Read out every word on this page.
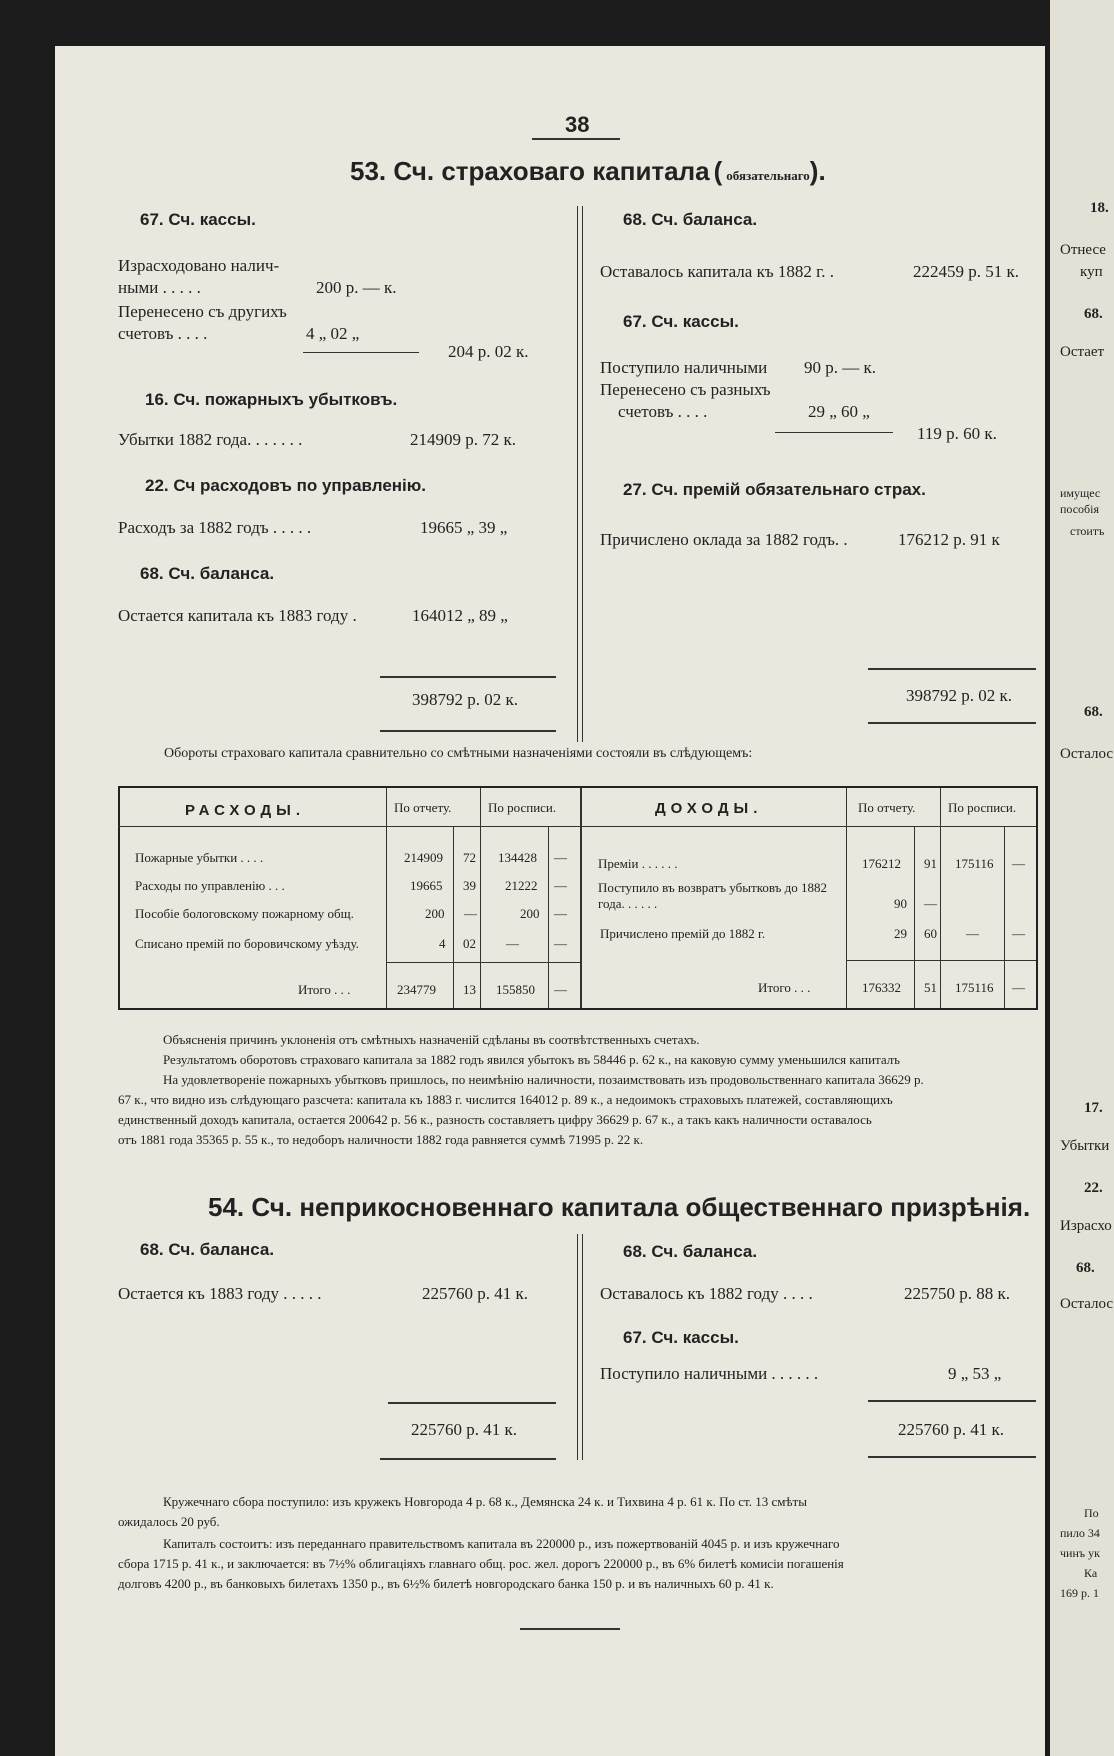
38
53. Сч. страховаго капитала ( обязательнаго).
67. Сч. кассы.
Израсходовано налич-
ными . . . . .	200 р. — к.
Перенесено съ другихъ
счетовъ . . . .	4 „ 02 „
204 р. 02 к.
16. Сч. пожарныхъ убытковъ.
Убытки 1882 года. . . . . . .	214909 р. 72 к.
22. Сч расходовъ по управленію.
Расходъ за 1882 годъ . . . . .	19665 „ 39 „
68. Сч. баланса.
Остается капитала къ 1883 году .	164012 „ 89 „
398792 р. 02 к.
68. Сч. баланса.
Оставалось капитала къ 1882 г. .	222459 р. 51 к.
67. Сч. кассы.
Поступило наличными 90 р. — к.
Перенесено съ разныхъ
счетовъ . . . .	29 „ 60 „
119 р. 60 к.
27. Сч. премій обязательнаго страх.
Причислено оклада за 1882 годъ. .	176212 р. 91 к
398792 р. 02 к.
Обороты страховаго капитала сравнительно со смѣтными назначеніями состояли въ слѣдующемъ:
РАСХОДЫ.	По отчету.	По росписи.	ДОХОДЫ.	По отчету.	По росписи.
Пожарные убытки . . . .	214909 72 134428 —
Расходы по управленію . . .	19665 39 21222 —
Пособіе бологовскому пожарному общ.	200 —	200 —
Списано премій по боровичскому уѣзду.	4 02 —	—
Итого . . .	234779 13 155850 —
Преміи . . . . . .	176212 91 175116 —
Поступило въ возвратъ убытковъ до 1882 года. . . . . .	90 —
Причислено премій до 1882 г.	29 60 —	—
Итого . . .	176332 51 175116 —
Объясненія причинъ уклоненія отъ смѣтныхъ назначеній сдѣланы въ соотвѣтственныхъ счетахъ.
Результатомъ оборотовъ страховаго капитала за 1882 годъ явился убытокъ въ 58446 р. 62 к., на каковую сумму уменьшился капиталъ
На удовлетвореніе пожарныхъ убытковъ пришлось, по неимѣнію наличности, позаимствовать изъ продовольственнаго капитала 36629 р.
67 к., что видно изъ слѣдующаго разсчета: капитала къ 1883 г. числится 164012 р. 89 к., а недоимокъ страховыхъ платежей, составляющихъ
единственный доходъ капитала, остается 200642 р. 56 к., разность составляетъ цифру 36629 р. 67 к., а такъ какъ наличности оставалось
отъ 1881 года 35365 р. 55 к., то недоборъ наличности 1882 года равняется суммѣ 71995 р. 22 к.
54. Сч. неприкосновеннаго капитала общественнаго призрѣнія.
68. Сч. баланса.
Остается къ 1883 году . . . . .	225760 р. 41 к.
225760 р. 41 к.
68. Сч. баланса.
Оставалось къ 1882 году . . . .	225750 р. 88 к.
67. Сч. кассы.
Поступило наличными . . . . . .	9 „ 53 „
225760 р. 41 к.
Кружечнаго сбора поступило: изъ кружекъ Новгорода 4 р. 68 к., Демянска 24 к. и Тихвина 4 р. 61 к. По ст. 13 смѣты
ожидалось 20 руб.
Капиталъ состоитъ: изъ переданнаго правительствомъ капитала въ 220000 р., изъ пожертвованій 4045 р. и изъ кружечнаго
сбора 1715 р. 41 к., и заключается: въ 7½% облигаціяхъ главнаго общ. рос. жел. дорогъ 220000 р., въ 6% билетѣ комисіи погашенія
долговъ 4200 р., въ банковыхъ билетахъ 1350 р., въ 6½% билетѣ новгородскаго банка 150 р. и въ наличныхъ 60 р. 41 к.
18.
Отнесе
куп
68.
Остает
имущес
пособія
стоитъ
68.
Осталос
17.
Убытки
22.
Израсхо
68.
Осталос
По
пило 34
чинъ ук
Ка
169 р. 1
